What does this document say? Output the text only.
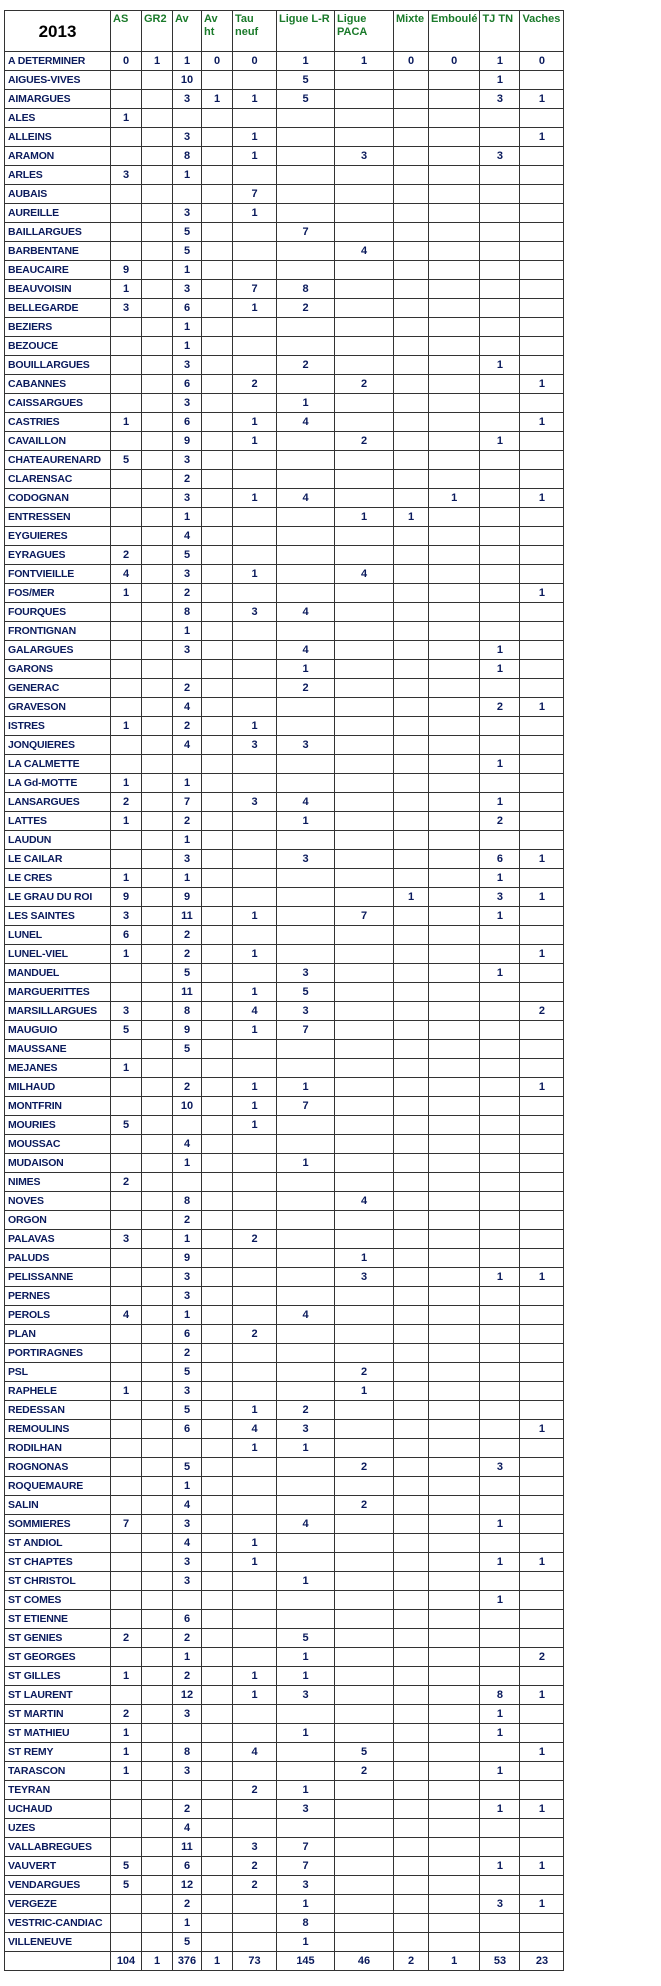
2013	AS	GR2	Av	Av ht	Tau neuf	Ligue L-R	Ligue PACA	Mixte	Emboulé	TJ TN	Vaches
A DETERMINER	0	1	1	0	0	1	1	0	0	1	0
AIGUES-VIVES			10			5				1	
AIMARGUES			3	1	1	5				3	1
ALES	1										
ALLEINS			3		1						1
ARAMON			8		1		3			3	
ARLES	3		1								
AUBAIS					7						
AUREILLE			3		1						
BAILLARGUES			5			7					
BARBENTANE			5				4				
BEAUCAIRE	9		1								
BEAUVOISIN	1		3		7	8					
BELLEGARDE	3		6		1	2					
BEZIERS			1								
BEZOUCE			1								
BOUILLARGUES			3			2				1	
CABANNES			6		2		2				1
CAISSARGUES			3			1					
CASTRIES	1		6		1	4					1
CAVAILLON			9		1		2			1	
CHATEAURENARD	5		3								
CLARENSAC			2								
CODOGNAN			3		1	4			1		1
ENTRESSEN			1				1	1			
EYGUIERES			4								
EYRAGUES	2		5								
FONTVIEILLE	4		3		1		4				
FOS/MER	1		2								1
FOURQUES			8		3	4					
FRONTIGNAN			1								
GALARGUES			3			4				1	
GARONS						1				1	
GENERAC			2			2					
GRAVESON			4							2	1
ISTRES	1		2		1						
JONQUIERES			4		3	3					
LA CALMETTE										1	
LA Gd-MOTTE	1		1								
LANSARGUES	2		7		3	4				1	
LATTES	1		2			1				2	
LAUDUN			1								
LE CAILAR			3			3				6	1
LE CRES	1		1							1	
LE GRAU DU ROI	9		9					1		3	1
LES SAINTES	3		11		1		7			1	
LUNEL	6		2								
LUNEL-VIEL	1		2		1						1
MANDUEL			5			3				1	
MARGUERITTES			11		1	5					
MARSILLARGUES	3		8		4	3					2
MAUGUIO	5		9		1	7					
MAUSSANE			5								
MEJANES	1										
MILHAUD			2		1	1					1
MONTFRIN			10		1	7					
MOURIES	5				1						
MOUSSAC			4								
MUDAISON			1			1					
NIMES	2										
NOVES			8				4				
ORGON			2								
PALAVAS	3		1		2						
PALUDS			9				1				
PELISSANNE			3				3			1	1
PERNES			3								
PEROLS	4		1			4					
PLAN			6		2						
PORTIRAGNES			2								
PSL			5				2				
RAPHELE	1		3				1				
REDESSAN			5		1	2					
REMOULINS			6		4	3					1
RODILHAN					1	1					
ROGNONAS			5				2			3	
ROQUEMAURE			1								
SALIN			4				2				
SOMMIERES	7		3			4				1	
ST ANDIOL			4		1						
ST CHAPTES			3		1					1	1
ST CHRISTOL			3			1					
ST COMES										1	
ST ETIENNE			6								
ST GENIES	2		2			5					
ST GEORGES			1			1					2
ST GILLES	1		2		1	1					
ST LAURENT			12		1	3				8	1
ST MARTIN	2		3							1	
ST MATHIEU	1					1				1	
ST REMY	1		8		4		5				1
TARASCON	1		3				2			1	
TEYRAN					2	1					
UCHAUD			2			3				1	1
UZES			4								
VALLABREGUES			11		3	7					
VAUVERT	5		6		2	7				1	1
VENDARGUES	5		12		2	3					
VERGEZE			2			1				3	1
VESTRIC-CANDIAC			1			8					
VILLENEUVE			5			1					
	104	1	376	1	73	145	46	2	1	53	23
